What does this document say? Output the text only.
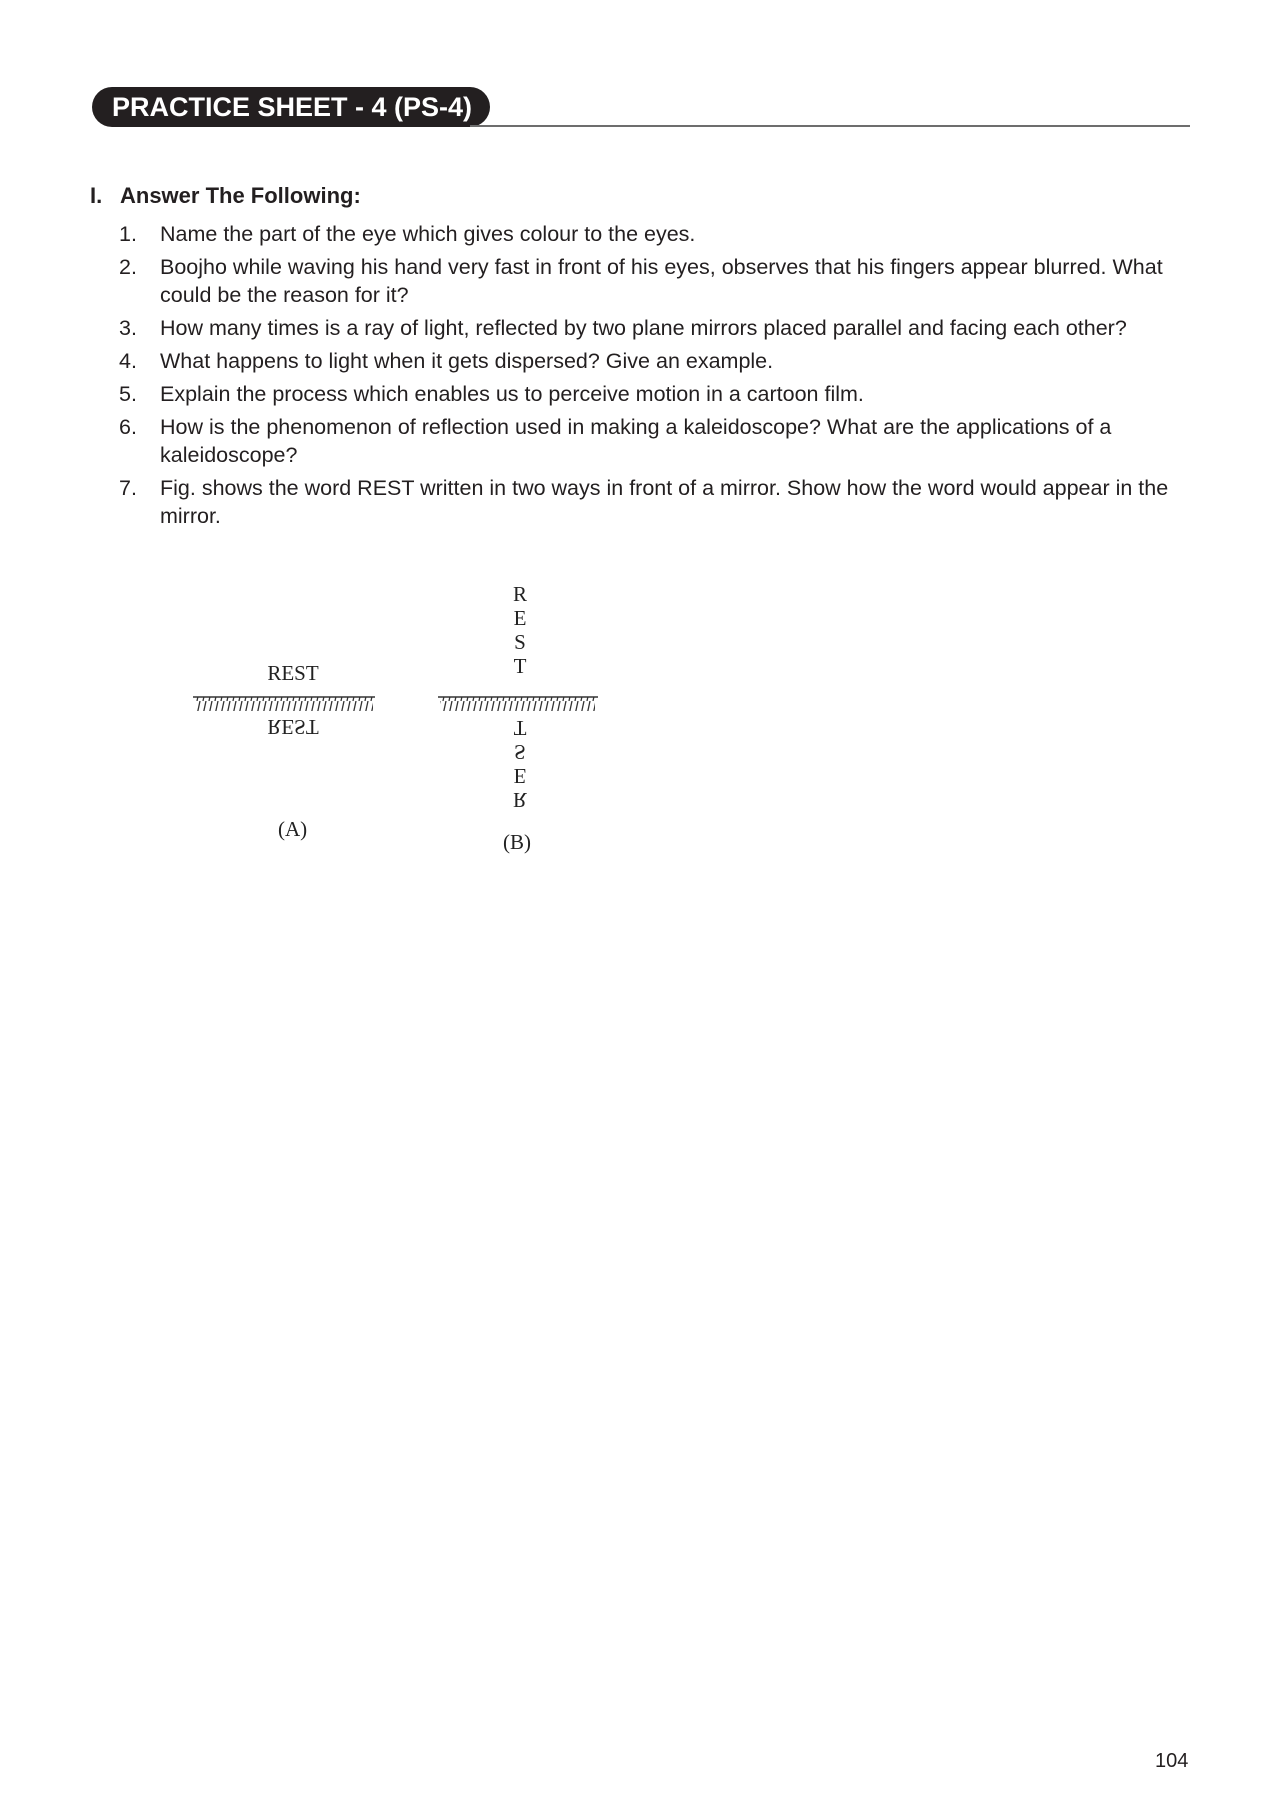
PRACTICE SHEET - 4 (PS-4)
I. Answer The Following:
1. Name the part of the eye which gives colour to the eyes.
2. Boojho while waving his hand very fast in front of his eyes, observes that his fingers appear blurred. What could be the reason for it?
3. How many times is a ray of light, reflected by two plane mirrors placed parallel and facing each other?
4. What happens to light when it gets dispersed? Give an example.
5. Explain the process which enables us to perceive motion in a cartoon film.
6. How is the phenomenon of reflection used in making a kaleidoscope? What are the applications of a kaleidoscope?
7. Fig. shows the word REST written in two ways in front of a mirror. Show how the word would appear in the mirror.
REST
REST
(A)
R
E
S
T
T
S
E
R
(B)
104
